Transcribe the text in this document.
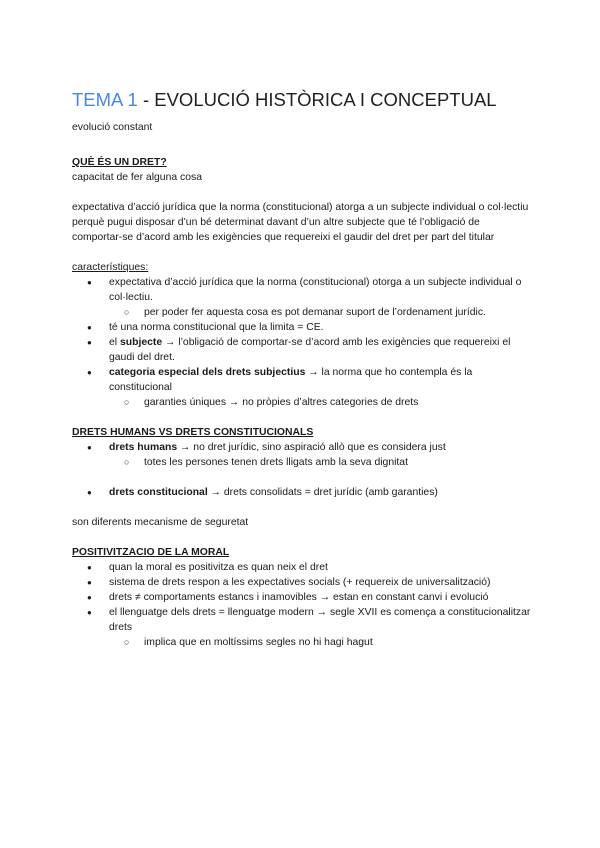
TEMA 1 - EVOLUCIÓ HISTÒRICA I CONCEPTUAL

evolució constant

QUÈ ÉS UN DRET?

capacitat de fer alguna cosa

expectativa d’acció jurídica que la norma (constitucional) atorga a un subjecte individual o col·lectiu perquè pugui disposar d’un bé determinat davant d’un altre subjecte que té l’obligació de comportar-se d’acord amb les exigències que requereixi el gaudir del dret per part del titular

característiques:

● expectativa d’acció jurídica que la norma (constitucional) otorga a un subjecte individual o col·lectiu.
○ per poder fer aquesta cosa es pot demanar suport de l’ordenament jurídic.
● té una norma constitucional que la limita = CE.
● el subjecte → l’obligació de comportar-se d’acord amb les exigències que requereixi el gaudi del dret.
● categoria especial dels drets subjectius → la norma que ho contempla és la constitucional
○ garanties úniques → no pròpies d’altres categories de drets

DRETS HUMANS VS DRETS CONSTITUCIONALS

● drets humans → no dret jurídic, sino aspiració allò que es considera just
○ totes les persones tenen drets lligats amb la seva dignitat
● drets constitucional → drets consolidats = dret jurídic (amb garanties)

son diferents mecanisme de seguretat

POSITIVITZACIO DE LA MORAL

● quan la moral es positivitza es quan neix el dret
● sistema de drets respon a les expectatives socials (+ requereix de universalització)
● drets ≠ comportaments estancs i inamovibles → estan en constant canvi i evolució
● el llenguatge dels drets = llenguatge modern → segle XVII es comença a constitucionalitzar drets
○ implica que en moltíssims segles no hi hagi hagut
